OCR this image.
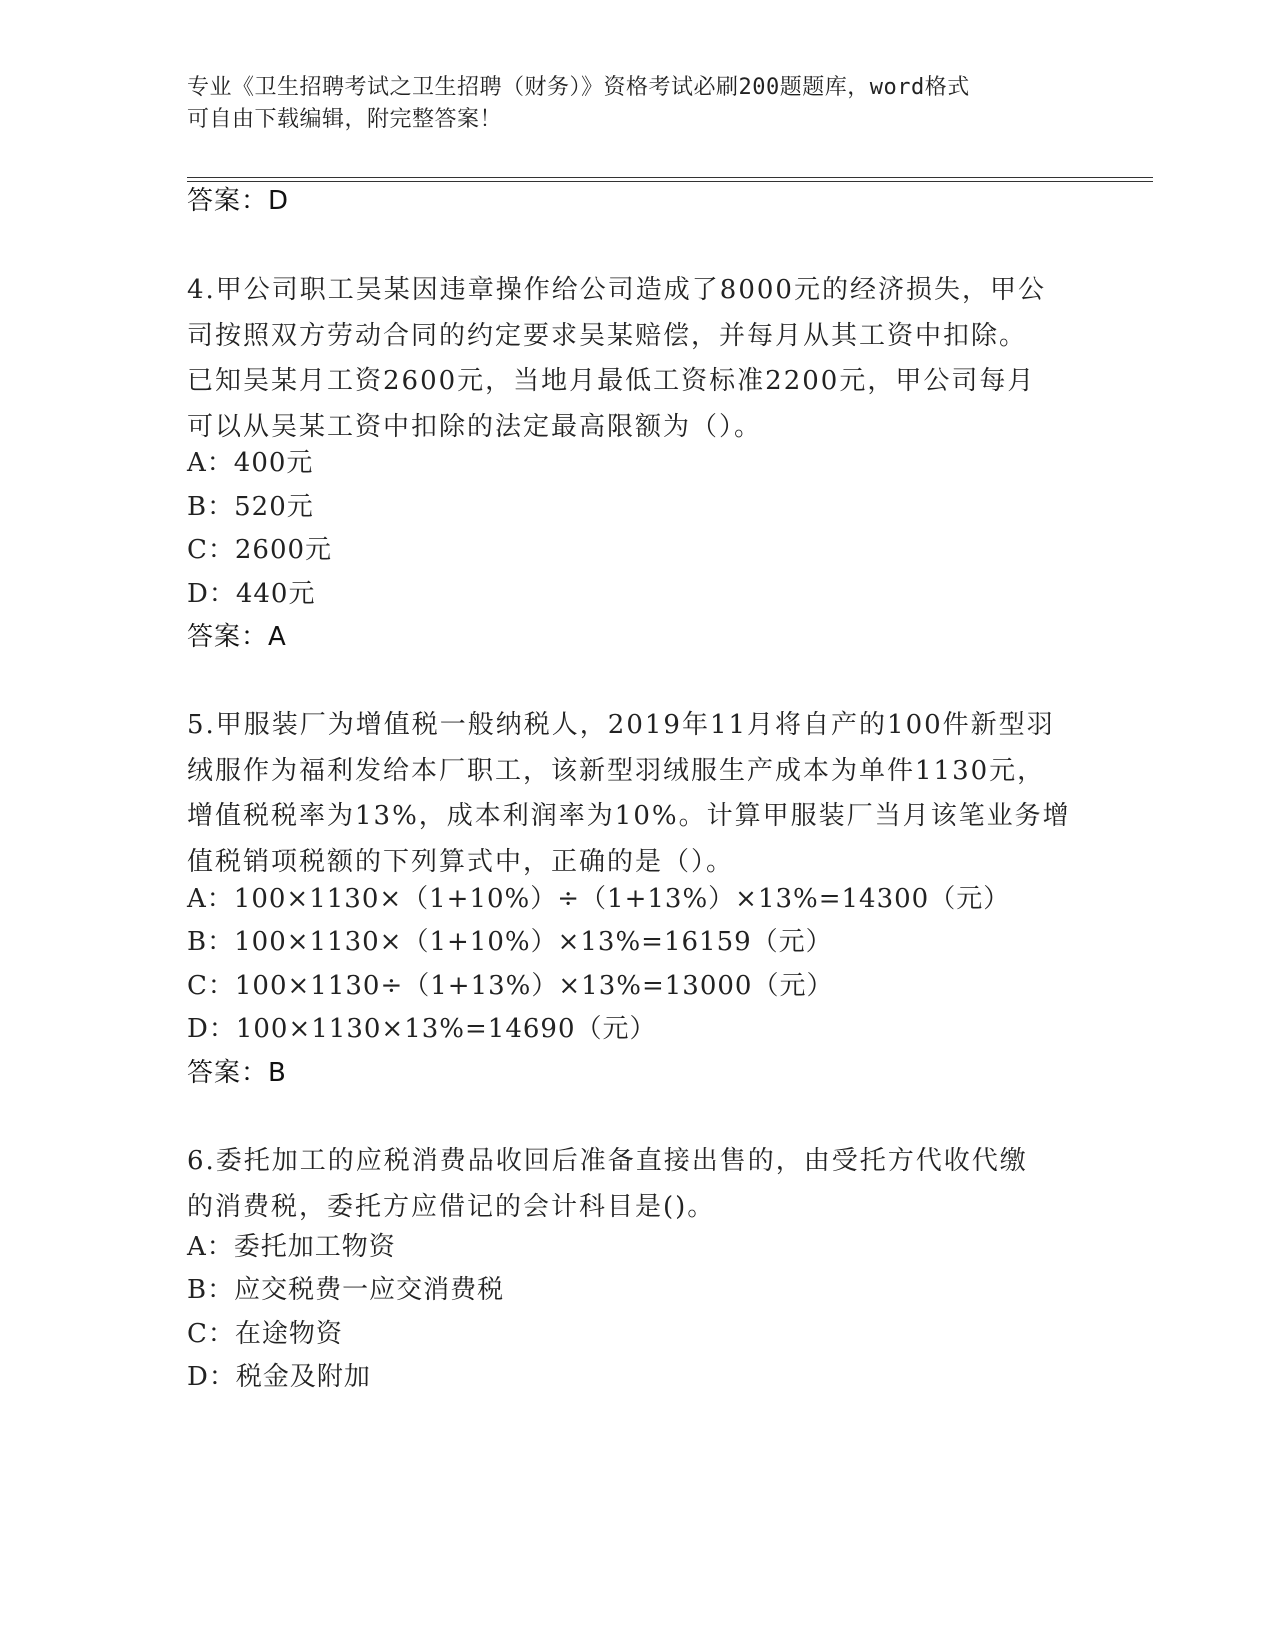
专业《卫生招聘考试之卫生招聘（财务）》资格考试必刷200题题库，word格式
可自由下载编辑，附完整答案！
答案：D
4.甲公司职工吴某因违章操作给公司造成了8000元的经济损失，甲公
司按照双方劳动合同的约定要求吴某赔偿，并每月从其工资中扣除。
已知吴某月工资2600元，当地月最低工资标准2200元，甲公司每月
可以从吴某工资中扣除的法定最高限额为（）。
A：400元
B：520元
C：2600元
D：440元
答案：A
5.甲服装厂为增值税一般纳税人，2019年11月将自产的100件新型羽
绒服作为福利发给本厂职工，该新型羽绒服生产成本为单件1130元，
增值税税率为13%，成本利润率为10%。计算甲服装厂当月该笔业务增
值税销项税额的下列算式中，正确的是（）。
A：100×1130×（1+10%）÷（1+13%）×13%=14300（元）
B：100×1130×（1+10%）×13%=16159（元）
C：100×1130÷（1+13%）×13%=13000（元）
D：100×1130×13%=14690（元）
答案：B
6.委托加工的应税消费品收回后准备直接出售的，由受托方代收代缴
的消费税，委托方应借记的会计科目是()。
A：委托加工物资
B：应交税费一应交消费税
C：在途物资
D：税金及附加
